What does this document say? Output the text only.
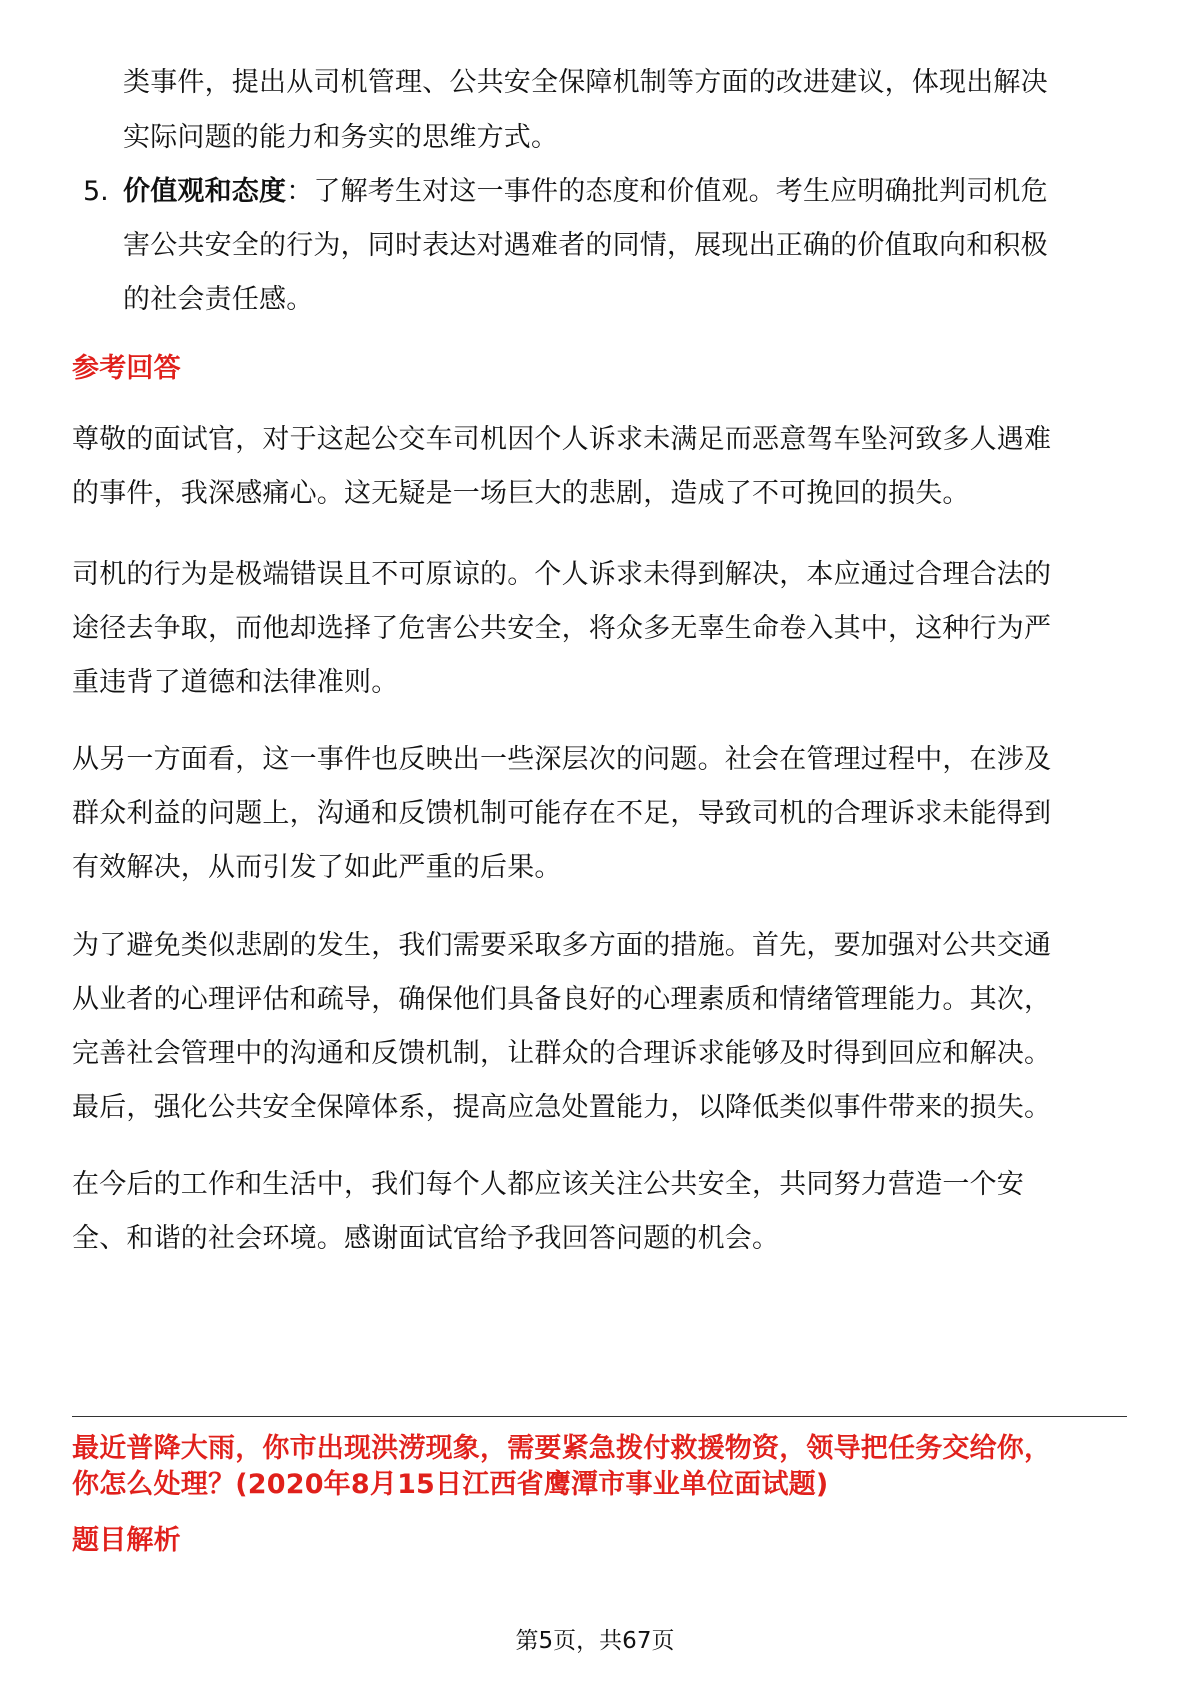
类事件，提出从司机管理、公共安全保障机制等方面的改进建议，体现出解决
实际问题的能力和务实的思维方式。
5. 价值观和态度：了解考生对这一事件的态度和价值观。考生应明确批判司机危
害公共安全的行为，同时表达对遇难者的同情，展现出正确的价值取向和积极
的社会责任感。
参考回答
尊敬的面试官，对于这起公交车司机因个人诉求未满足而恶意驾车坠河致多人遇难
的事件，我深感痛心。这无疑是一场巨大的悲剧，造成了不可挽回的损失。
司机的行为是极端错误且不可原谅的。个人诉求未得到解决，本应通过合理合法的
途径去争取，而他却选择了危害公共安全，将众多无辜生命卷入其中，这种行为严
重违背了道德和法律准则。
从另一方面看，这一事件也反映出一些深层次的问题。社会在管理过程中，在涉及
群众利益的问题上，沟通和反馈机制可能存在不足，导致司机的合理诉求未能得到
有效解决，从而引发了如此严重的后果。
为了避免类似悲剧的发生，我们需要采取多方面的措施。首先，要加强对公共交通
从业者的心理评估和疏导，确保他们具备良好的心理素质和情绪管理能力。其次，
完善社会管理中的沟通和反馈机制，让群众的合理诉求能够及时得到回应和解决。
最后，强化公共安全保障体系，提高应急处置能力，以降低类似事件带来的损失。
在今后的工作和生活中，我们每个人都应该关注公共安全，共同努力营造一个安
全、和谐的社会环境。感谢面试官给予我回答问题的机会。
最近普降大雨，你市出现洪涝现象，需要紧急拨付救援物资，领导把任务交给你，
你怎么处理？(2020年8月15日江西省鹰潭市事业单位面试题)
题目解析
第5页，共67页
